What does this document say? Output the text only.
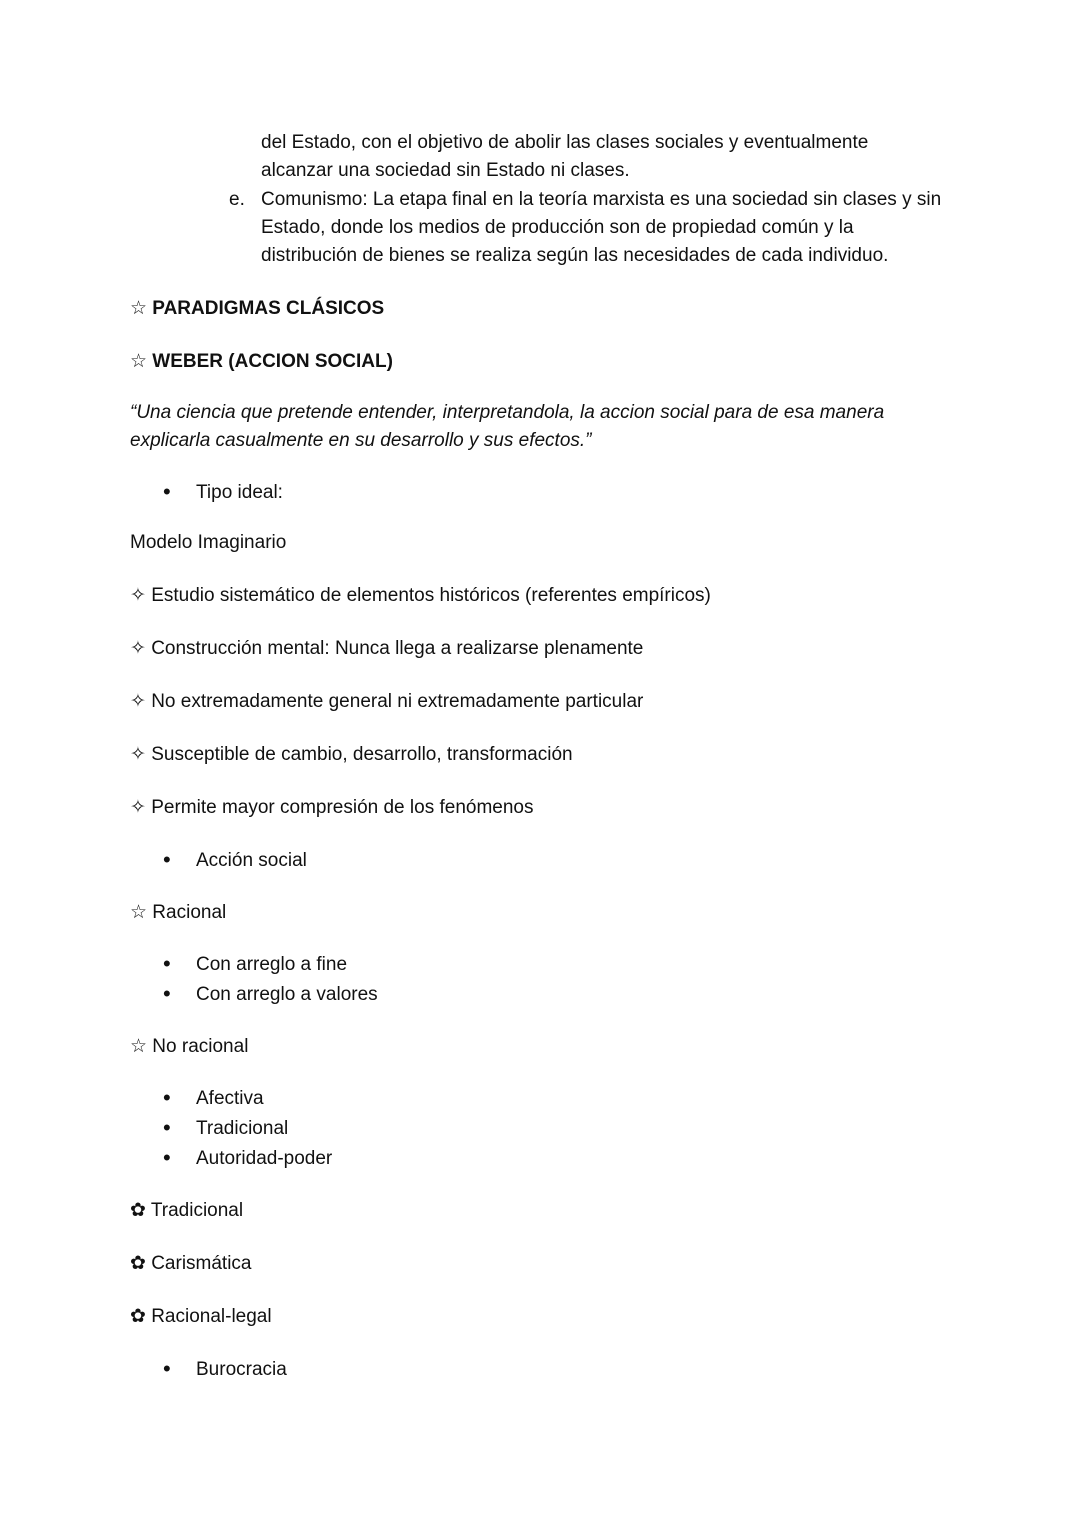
del Estado, con el objetivo de abolir las clases sociales y eventualmente
alcanzar una sociedad sin Estado ni clases.

e. Comunismo: La etapa final en la teoría marxista es una sociedad sin clases y sin
Estado, donde los medios de producción son de propiedad común y la
distribución de bienes se realiza según las necesidades de cada individuo.

☆ PARADIGMAS CLÁSICOS

☆ WEBER (ACCION SOCIAL)

“Una ciencia que pretende entender, interpretandola, la accion social para de esa manera
explicarla casualmente en su desarrollo y sus efectos.”

• Tipo ideal:

Modelo Imaginario

✧ Estudio sistemático de elementos históricos (referentes empíricos)

✧ Construcción mental: Nunca llega a realizarse plenamente

✧ No extremadamente general ni extremadamente particular

✧ Susceptible de cambio, desarrollo, transformación

✧ Permite mayor compresión de los fenómenos

• Acción social

☆ Racional

• Con arreglo a fine
• Con arreglo a valores

☆ No racional

• Afectiva
• Tradicional
• Autoridad-poder

✿ Tradicional

✿ Carismática

✿ Racional-legal

• Burocracia
